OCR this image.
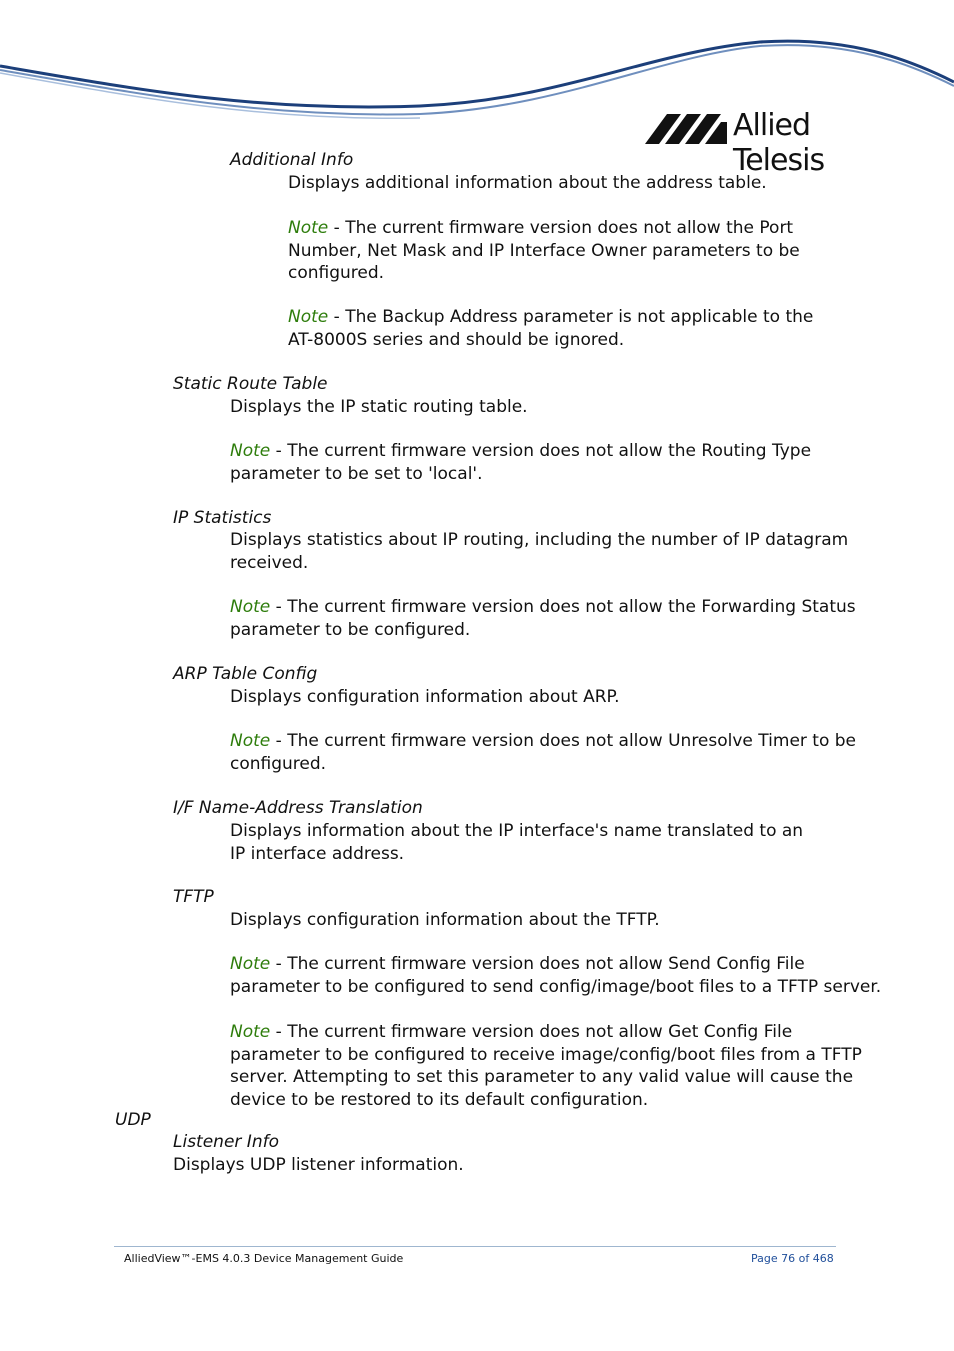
Allied Telesis
Additional Info
Displays additional information about the address table.
Note - The current firmware version does not allow the Port
Number, Net Mask and IP Interface Owner parameters to be
configured.
Note - The Backup Address parameter is not applicable to the
AT-8000S series and should be ignored.
Static Route Table
Displays the IP static routing table.
Note - The current firmware version does not allow the Routing Type
parameter to be set to 'local'.
IP Statistics
Displays statistics about IP routing, including the number of IP datagram
received.
Note - The current firmware version does not allow the Forwarding Status
parameter to be configured.
ARP Table Config
Displays configuration information about ARP.
Note - The current firmware version does not allow Unresolve Timer to be
configured.
I/F Name-Address Translation
Displays information about the IP interface's name translated to an
IP interface address.
TFTP
Displays configuration information about the TFTP.
Note - The current firmware version does not allow Send Config File
parameter to be configured to send config/image/boot files to a TFTP server.
Note - The current firmware version does not allow Get Config File
parameter to be configured to receive image/config/boot files from a TFTP
server. Attempting to set this parameter to any valid value will cause the
device to be restored to its default configuration.
UDP
Listener Info
Displays UDP listener information.
AlliedView™-EMS 4.0.3 Device Management Guide	Page 76 of 468
